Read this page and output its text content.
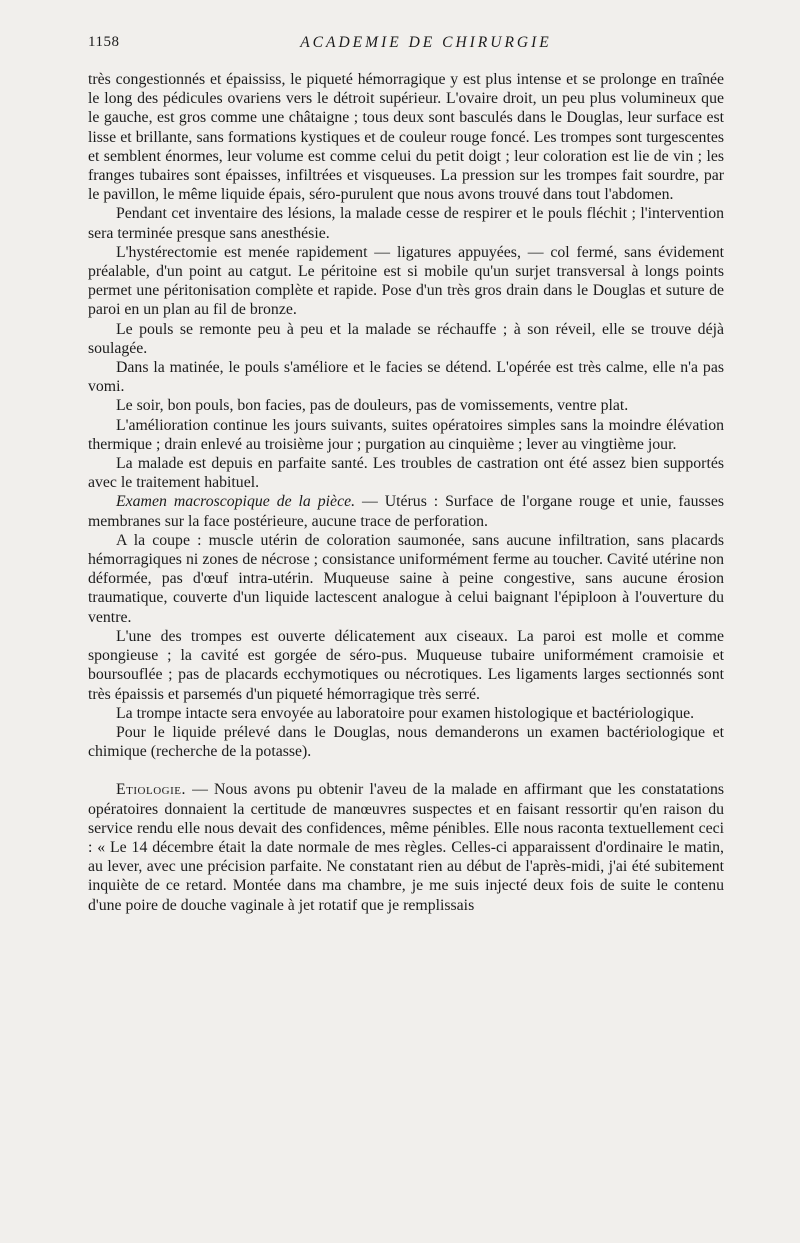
1158	ACADEMIE DE CHIRURGIE

très congestionnés et épaississ, le piqueté hémorragique y est plus intense et se prolonge en traînée le long des pédicules ovariens vers le détroit supérieur. L'ovaire droit, un peu plus volumineux que le gauche, est gros comme une châtaigne ; tous deux sont basculés dans le Douglas, leur surface est lisse et brillante, sans formations kystiques et de couleur rouge foncé. Les trompes sont turgescentes et semblent énormes, leur volume est comme celui du petit doigt ; leur coloration est lie de vin ; les franges tubaires sont épaisses, infiltrées et visqueuses. La pression sur les trompes fait sourdre, par le pavillon, le même liquide épais, séro-purulent que nous avons trouvé dans tout l'abdomen.

Pendant cet inventaire des lésions, la malade cesse de respirer et le pouls fléchit ; l'intervention sera terminée presque sans anesthésie.

L'hystérectomie est menée rapidement — ligatures appuyées, — col fermé, sans évidement préalable, d'un point au catgut. Le péritoine est si mobile qu'un surjet transversal à longs points permet une péritonisation complète et rapide. Pose d'un très gros drain dans le Douglas et suture de paroi en un plan au fil de bronze.

Le pouls se remonte peu à peu et la malade se réchauffe ; à son réveil, elle se trouve déjà soulagée.

Dans la matinée, le pouls s'améliore et le facies se détend. L'opérée est très calme, elle n'a pas vomi.

Le soir, bon pouls, bon facies, pas de douleurs, pas de vomissements, ventre plat.

L'amélioration continue les jours suivants, suites opératoires simples sans la moindre élévation thermique ; drain enlevé au troisième jour ; purgation au cinquième ; lever au vingtième jour.

La malade est depuis en parfaite santé. Les troubles de castration ont été assez bien supportés avec le traitement habituel.

Examen macroscopique de la pièce. — Utérus : Surface de l'organe rouge et unie, fausses membranes sur la face postérieure, aucune trace de perforation.

A la coupe : muscle utérin de coloration saumonée, sans aucune infiltration, sans placards hémorragiques ni zones de nécrose ; consistance uniformément ferme au toucher. Cavité utérine non déformée, pas d'œuf intra-utérin. Muqueuse saine à peine congestive, sans aucune érosion traumatique, couverte d'un liquide lactescent analogue à celui baignant l'épiploon à l'ouverture du ventre.

L'une des trompes est ouverte délicatement aux ciseaux. La paroi est molle et comme spongieuse ; la cavité est gorgée de séro-pus. Muqueuse tubaire uniformément cramoisie et boursouflée ; pas de placards ecchymotiques ou nécrotiques. Les ligaments larges sectionnés sont très épaissis et parsemés d'un piqueté hémorragique très serré.

La trompe intacte sera envoyée au laboratoire pour examen histologique et bactériologique.

Pour le liquide prélevé dans le Douglas, nous demanderons un examen bactériologique et chimique (recherche de la potasse).

Etiologie. — Nous avons pu obtenir l'aveu de la malade en affirmant que les constatations opératoires donnaient la certitude de manœuvres suspectes et en faisant ressortir qu'en raison du service rendu elle nous devait des confidences, même pénibles. Elle nous raconta textuellement ceci : « Le 14 décembre était la date normale de mes règles. Celles-ci apparaissent d'ordinaire le matin, au lever, avec une précision parfaite. Ne constatant rien au début de l'après-midi, j'ai été subitement inquiète de ce retard. Montée dans ma chambre, je me suis injecté deux fois de suite le contenu d'une poire de douche vaginale à jet rotatif que je remplissais
